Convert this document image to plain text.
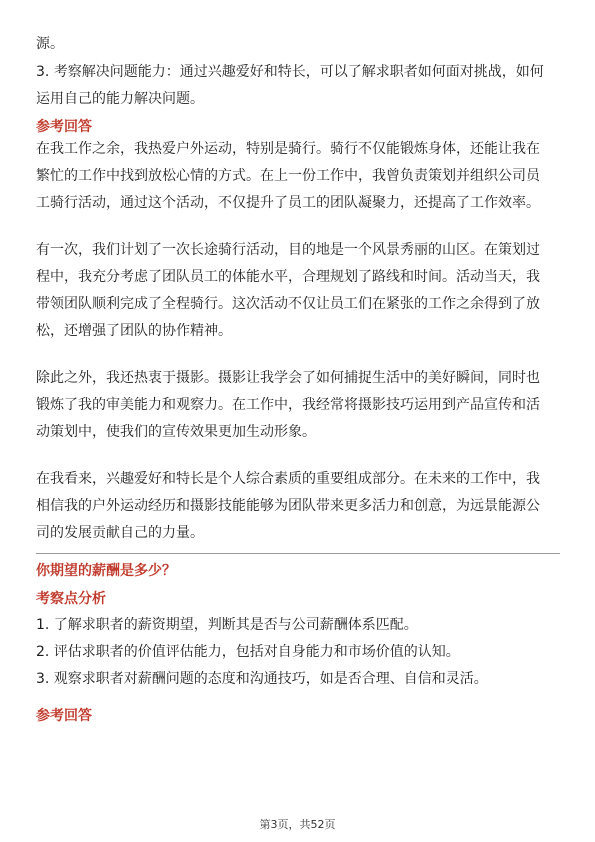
源。
3. 考察解决问题能力：通过兴趣爱好和特长，可以了解求职者如何面对挑战，如何
运用自己的能力解决问题。
参考回答
在我工作之余，我热爱户外运动，特别是骑行。骑行不仅能锻炼身体，还能让我在
繁忙的工作中找到放松心情的方式。在上一份工作中，我曾负责策划并组织公司员
工骑行活动，通过这个活动，不仅提升了员工的团队凝聚力，还提高了工作效率。
有一次，我们计划了一次长途骑行活动，目的地是一个风景秀丽的山区。在策划过
程中，我充分考虑了团队员工的体能水平，合理规划了路线和时间。活动当天，我
带领团队顺利完成了全程骑行。这次活动不仅让员工们在紧张的工作之余得到了放
松，还增强了团队的协作精神。
除此之外，我还热衷于摄影。摄影让我学会了如何捕捉生活中的美好瞬间，同时也
锻炼了我的审美能力和观察力。在工作中，我经常将摄影技巧运用到产品宣传和活
动策划中，使我们的宣传效果更加生动形象。
在我看来，兴趣爱好和特长是个人综合素质的重要组成部分。在未来的工作中，我
相信我的户外运动经历和摄影技能能够为团队带来更多活力和创意，为远景能源公
司的发展贡献自己的力量。
你期望的薪酬是多少？
考察点分析
1. 了解求职者的薪资期望，判断其是否与公司薪酬体系匹配。
2. 评估求职者的价值评估能力，包括对自身能力和市场价值的认知。
3. 观察求职者对薪酬问题的态度和沟通技巧，如是否合理、自信和灵活。
参考回答
第3页，共52页
